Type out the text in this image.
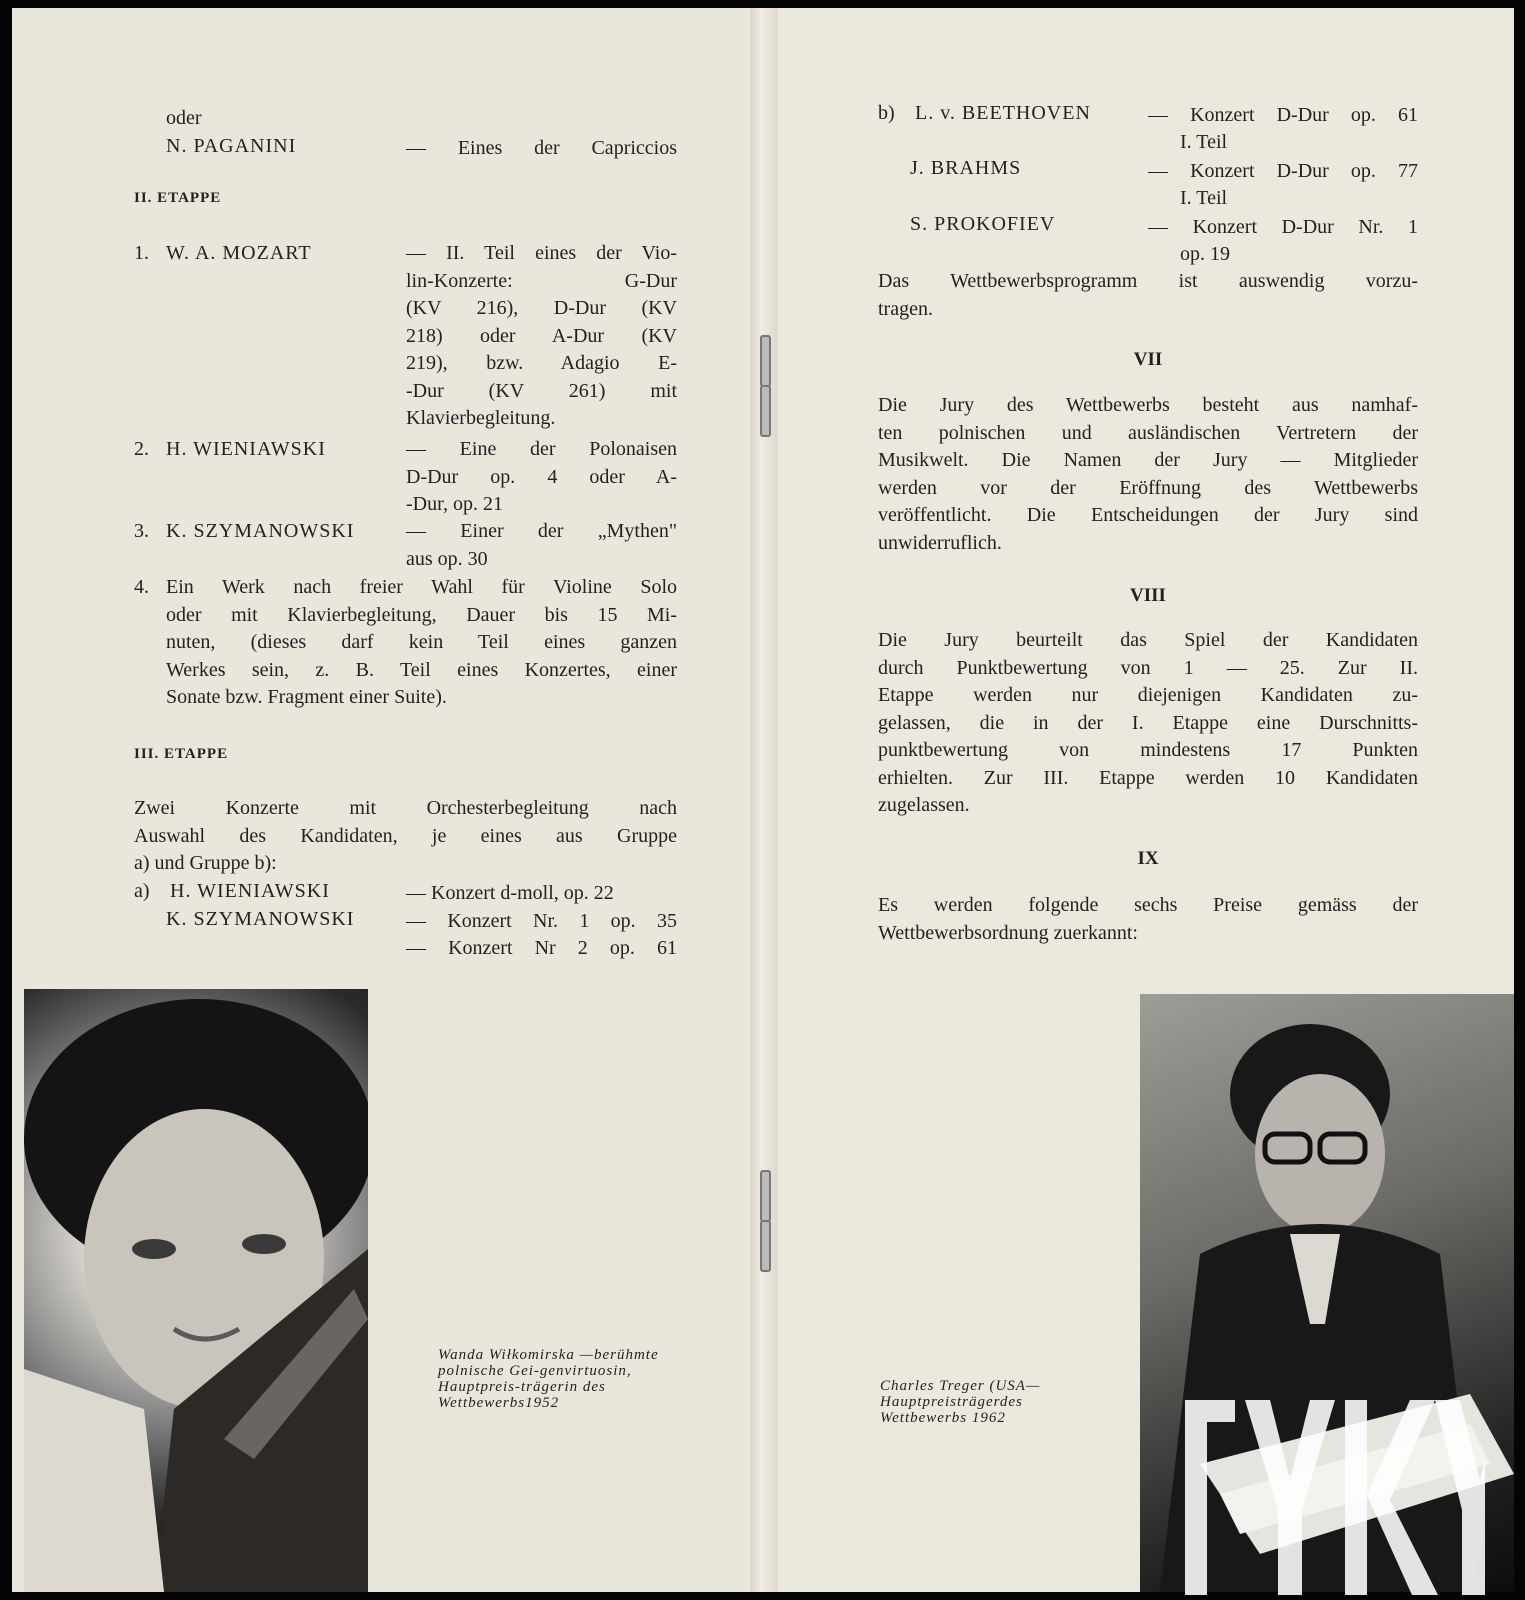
oder
N. PAGANINI	— Eines der Capriccios
II. ETAPPE
1. W. A. MOZART	— II. Teil eines der Vio-
lin-Konzerte: G-Dur
(KV 216), D-Dur (KV
218) oder A-Dur (KV
219), bzw. Adagio E-
-Dur (KV 261) mit
Klavierbegleitung.
2. H. WIENIAWSKI	— Eine der Polonaisen
D-Dur op. 4 oder A-
-Dur, op. 21
3. K. SZYMANOWSKI	— Einer der „Mythen"
aus op. 30
4. Ein Werk nach freier Wahl für Violine Solo
oder mit Klavierbegleitung, Dauer bis 15 Mi-
nuten, (dieses darf kein Teil eines ganzen
Werkes sein, z. B. Teil eines Konzertes, einer
Sonate bzw. Fragment einer Suite).
III. ETAPPE
Zwei Konzerte mit Orchesterbegleitung nach
Auswahl des Kandidaten, je eines aus Gruppe
a) und Gruppe b):
a) H. WIENIAWSKI	— Konzert d-moll, op. 22
K. SZYMANOWSKI	— Konzert Nr. 1 op. 35
— Konzert Nr 2 op. 61
Wanda Wiłkomirska —berühmte polnische Gei-genvirtuosin, Hauptpreis-trägerin des Wettbewerbs1952
b) L. v. BEETHOVEN	— Konzert D-Dur op. 61
I. Teil
J. BRAHMS	— Konzert D-Dur op. 77
I. Teil
S. PROKOFIEV	— Konzert D-Dur Nr. 1
op. 19
Das Wettbewerbsprogramm ist auswendig vorzu-
tragen.
VII
Die Jury des Wettbewerbs besteht aus namhaf-
ten polnischen und ausländischen Vertretern der
Musikwelt. Die Namen der Jury — Mitglieder
werden vor der Eröffnung des Wettbewerbs
veröffentlicht. Die Entscheidungen der Jury sind
unwiderruflich.
VIII
Die Jury beurteilt das Spiel der Kandidaten
durch Punktbewertung von 1 — 25. Zur II.
Etappe werden nur diejenigen Kandidaten zu-
gelassen, die in der I. Etappe eine Durschnitts-
punktbewertung von mindestens 17 Punkten
erhielten. Zur III. Etappe werden 10 Kandidaten
zugelassen.
IX
Es werden folgende sechs Preise gemäss der
Wettbewerbsordnung zuerkannt:
Charles Treger (USA— Hauptpreisträgerdes Wettbewerbs 1962
